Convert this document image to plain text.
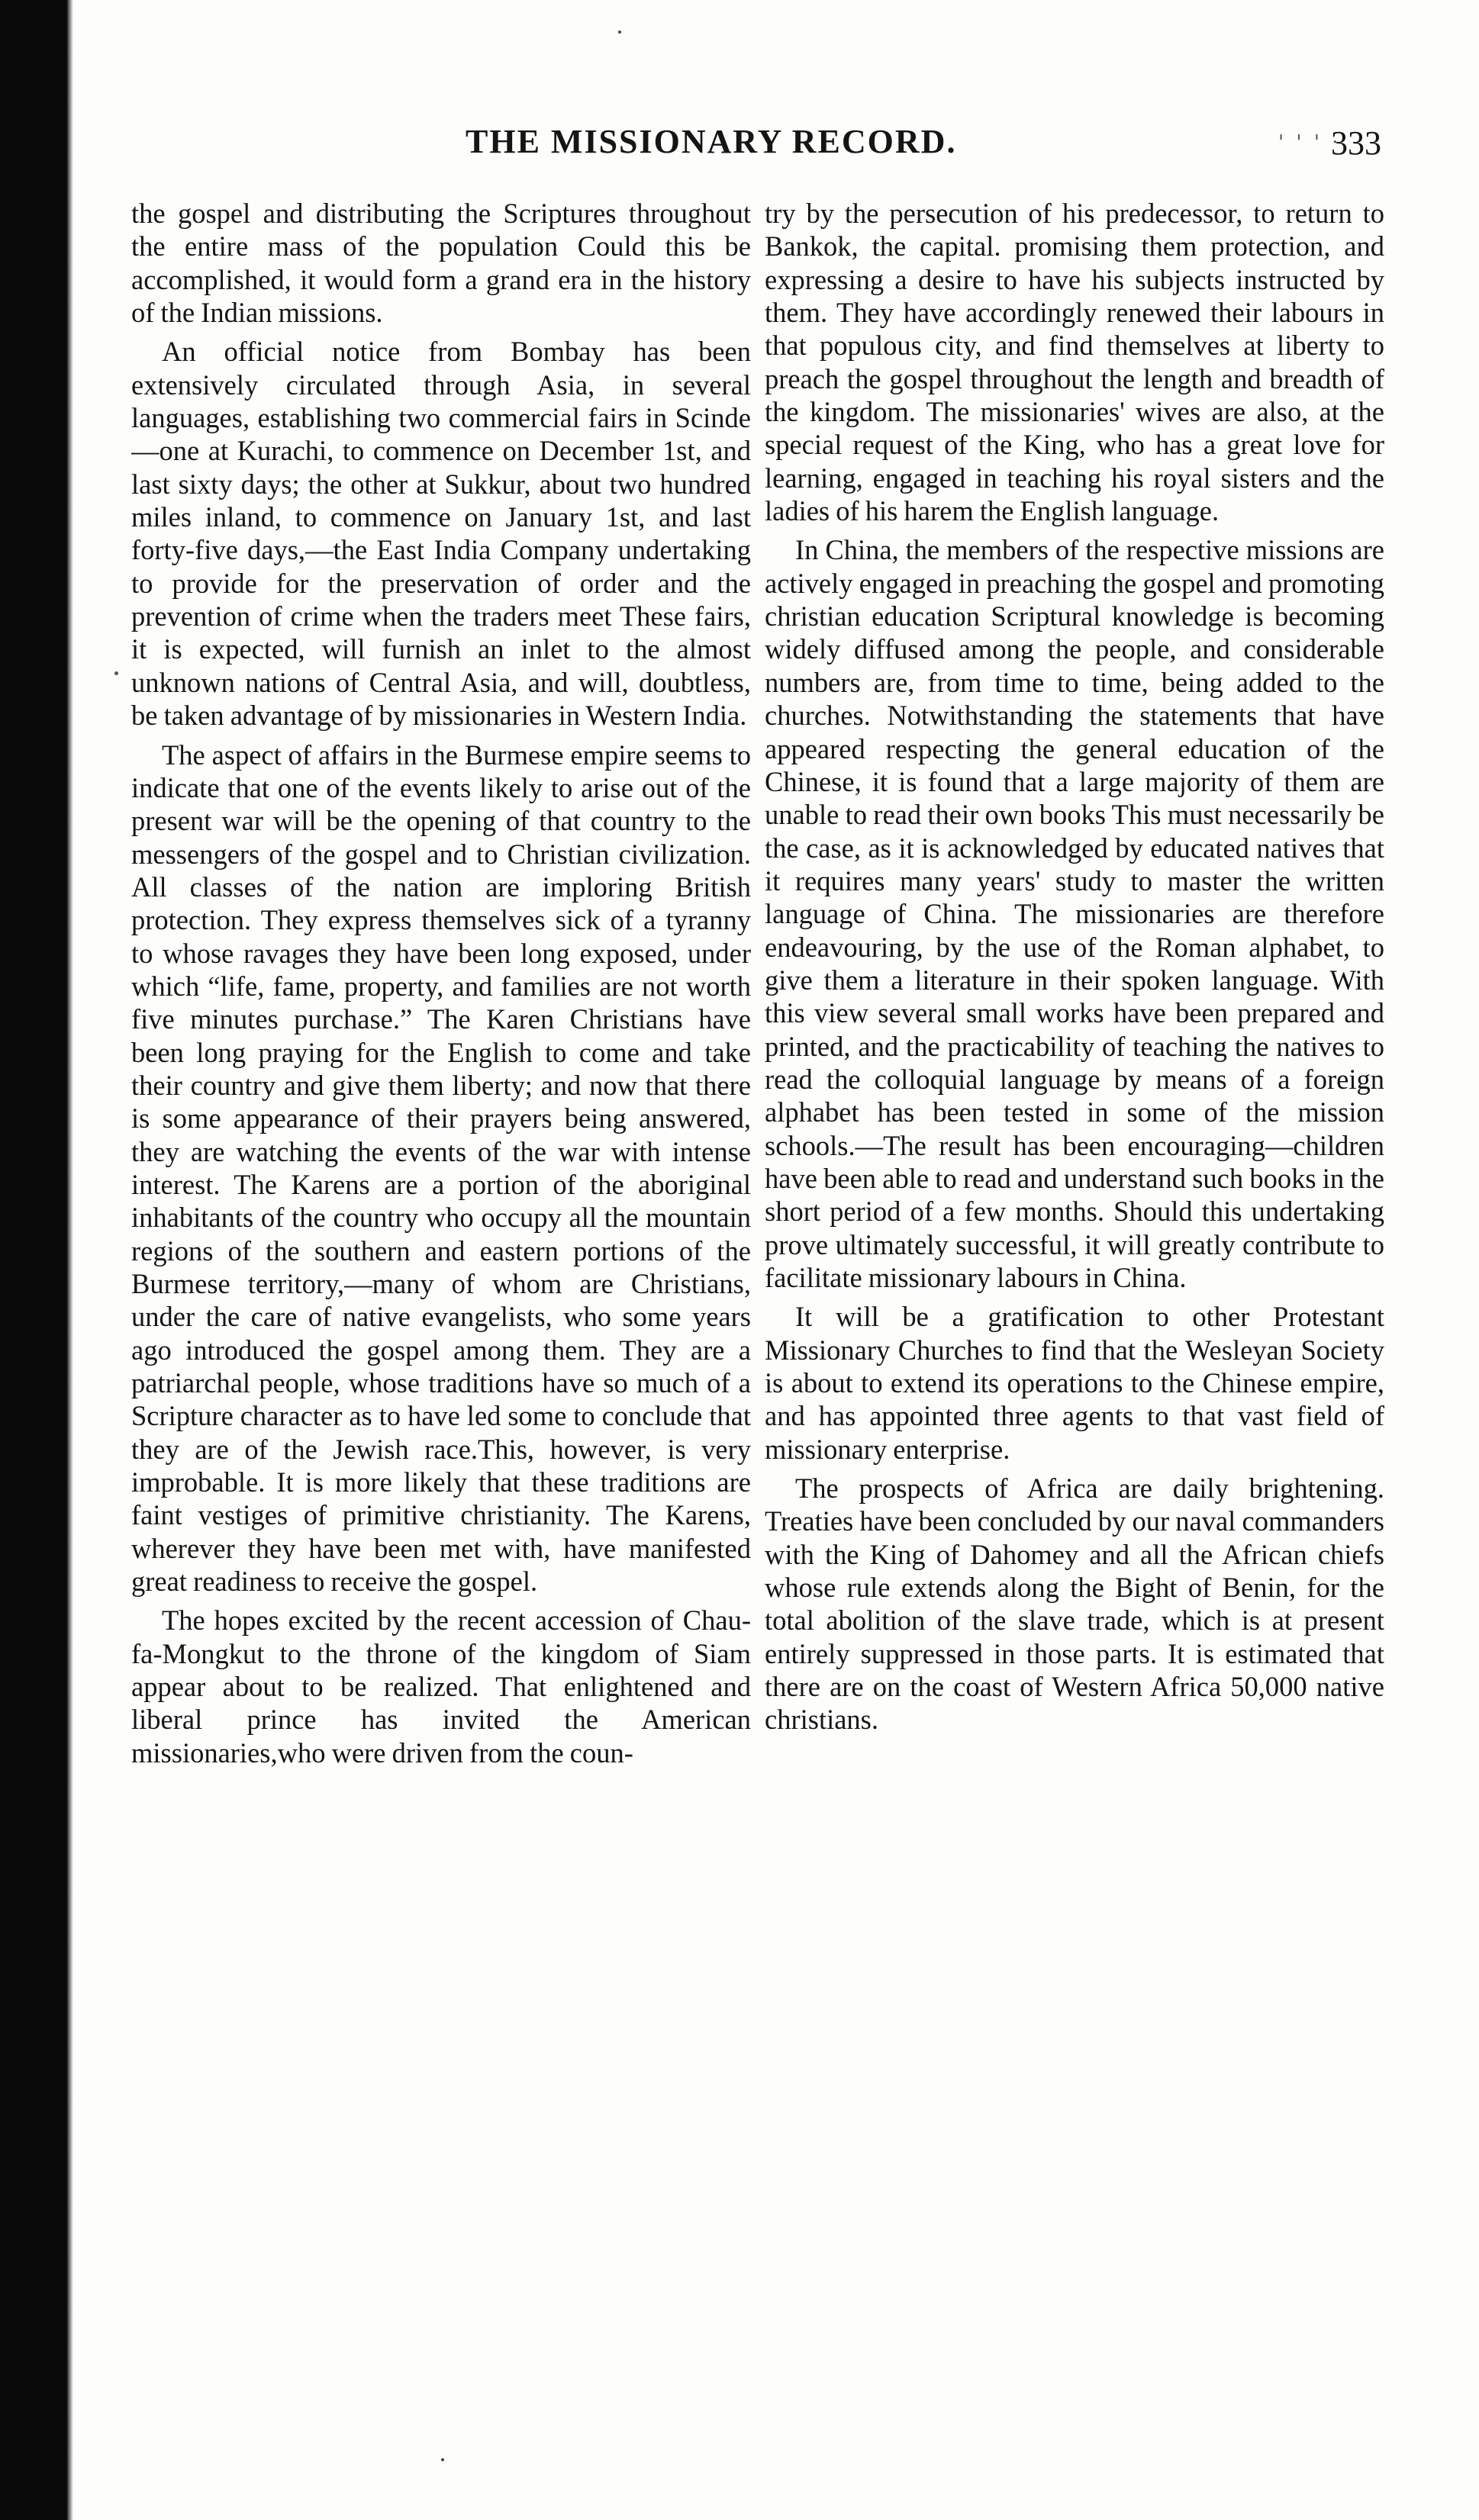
THE MISSIONARY RECORD.	' ' ' ·
333

the gospel and distributing the Scriptures throughout the entire mass of the population Could this be accomplished, it would form a grand era in the history of the Indian missions.

An official notice from Bombay has been extensively circulated through Asia, in several languages, establishing two commercial fairs in Scinde—one at Kurachi, to commence on December 1st, and last sixty days; the other at Sukkur, about two hundred miles inland, to commence on January 1st, and last forty-five days,—the East India Company undertaking to provide for the preservation of order and the prevention of crime when the traders meet These fairs, it is expected, will furnish an inlet to the almost unknown nations of Central Asia, and will, doubtless, be taken advantage of by missionaries in Western India.

The aspect of affairs in the Burmese empire seems to indicate that one of the events likely to arise out of the present war will be the opening of that country to the messengers of the gospel and to Christian civilization. All classes of the nation are imploring British protection. They express themselves sick of a tyranny to whose ravages they have been long exposed, under which “life, fame, property, and families are not worth five minutes purchase.” The Karen Christians have been long praying for the English to come and take their country and give them liberty; and now that there is some appearance of their prayers being answered, they are watching the events of the war with intense interest. The Karens are a portion of the aboriginal inhabitants of the country who occupy all the mountain regions of the southern and eastern portions of the Burmese territory,—many of whom are Christians, under the care of native evangelists, who some years ago introduced the gospel among them. They are a patriarchal people, whose traditions have so much of a Scripture character as to have led some to conclude that they are of the Jewish race.This, however, is very improbable. It is more likely that these traditions are faint vestiges of primitive christianity. The Karens, wherever they have been met with, have manifested great readiness to receive the gospel.

The hopes excited by the recent accession of Chau-fa-Mongkut to the throne of the kingdom of Siam appear about to be realized. That enlightened and liberal prince has invited the American missionaries,who were driven from the coun-

try by the persecution of his predecessor, to return to Bankok, the capital. promising them protection, and expressing a desire to have his subjects instructed by them. They have accordingly renewed their labours in that populous city, and find themselves at liberty to preach the gospel throughout the length and breadth of the kingdom. The missionaries' wives are also, at the special request of the King, who has a great love for learning, engaged in teaching his royal sisters and the ladies of his harem the English language.

In China, the members of the respective missions are actively engaged in preaching the gospel and promoting christian education Scriptural knowledge is becoming widely diffused among the people, and considerable numbers are, from time to time, being added to the churches. Notwithstanding the statements that have appeared respecting the general education of the Chinese, it is found that a large majority of them are unable to read their own books This must necessarily be the case, as it is acknowledged by educated natives that it requires many years' study to master the written language of China. The missionaries are therefore endeavouring, by the use of the Roman alphabet, to give them a literature in their spoken language. With this view several small works have been prepared and printed, and the practicability of teaching the natives to read the colloquial language by means of a foreign alphabet has been tested in some of the mission schools.—The result has been encouraging—children have been able to read and understand such books in the short period of a few months. Should this undertaking prove ultimately successful, it will greatly contribute to facilitate missionary labours in China.

It will be a gratification to other Protestant Missionary Churches to find that the Wesleyan Society is about to extend its operations to the Chinese empire, and has appointed three agents to that vast field of missionary enterprise.

The prospects of Africa are daily brightening. Treaties have been concluded by our naval commanders with the King of Dahomey and all the African chiefs whose rule extends along the Bight of Benin, for the total abolition of the slave trade, which is at present entirely suppressed in those parts. It is estimated that there are on the coast of Western Africa 50,000 native christians.
